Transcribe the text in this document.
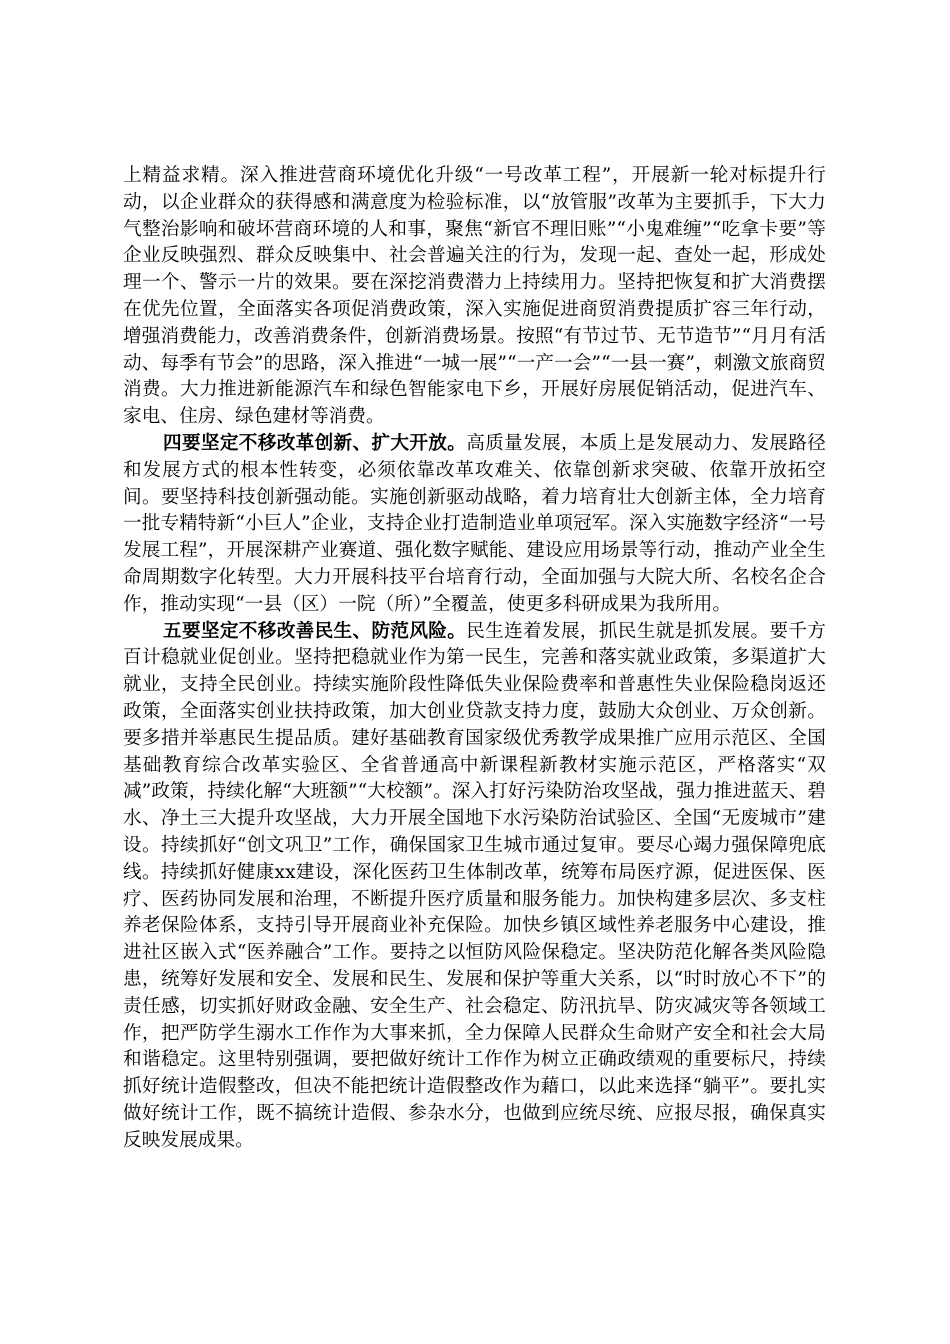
上精益求精。深入推进营商环境优化升级“一号改革工程”，开展新一轮对标提升行动，以企业群众的获得感和满意度为检验标准，以“放管服”改革为主要抓手，下大力气整治影响和破坏营商环境的人和事，聚焦“新官不理旧账”“小鬼难缠”“吃拿卡要”等企业反映强烈、群众反映集中、社会普遍关注的行为，发现一起、查处一起，形成处理一个、警示一片的效果。要在深挖消费潜力上持续用力。坚持把恢复和扩大消费摆在优先位置，全面落实各项促消费政策，深入实施促进商贸消费提质扩容三年行动，增强消费能力，改善消费条件，创新消费场景。按照“有节过节、无节造节”“月月有活动、每季有节会”的思路，深入推进“一城一展”“一产一会”“一县一赛”，刺激文旅商贸消费。大力推进新能源汽车和绿色智能家电下乡，开展好房展促销活动，促进汽车、家电、住房、绿色建材等消费。

四要坚定不移改革创新、扩大开放。高质量发展，本质上是发展动力、发展路径和发展方式的根本性转变，必须依靠改革攻难关、依靠创新求突破、依靠开放拓空间。要坚持科技创新强动能。实施创新驱动战略，着力培育壮大创新主体，全力培育一批专精特新“小巨人”企业，支持企业打造制造业单项冠军。深入实施数字经济“一号发展工程”，开展深耕产业赛道、强化数字赋能、建设应用场景等行动，推动产业全生命周期数字化转型。大力开展科技平台培育行动，全面加强与大院大所、名校名企合作，推动实现“一县（区）一院（所）”全覆盖，使更多科研成果为我所用。

五要坚定不移改善民生、防范风险。民生连着发展，抓民生就是抓发展。要千方百计稳就业促创业。坚持把稳就业作为第一民生，完善和落实就业政策，多渠道扩大就业，支持全民创业。持续实施阶段性降低失业保险费率和普惠性失业保险稳岗返还政策，全面落实创业扶持政策，加大创业贷款支持力度，鼓励大众创业、万众创新。要多措并举惠民生提品质。建好基础教育国家级优秀教学成果推广应用示范区、全国基础教育综合改革实验区、全省普通高中新课程新教材实施示范区，严格落实“双减”政策，持续化解“大班额”“大校额”。深入打好污染防治攻坚战，强力推进蓝天、碧水、净土三大提升攻坚战，大力开展全国地下水污染防治试验区、全国“无废城市”建设。持续抓好“创文巩卫”工作，确保国家卫生城市通过复审。要尽心竭力强保障兜底线。持续抓好健康xx建设，深化医药卫生体制改革，统筹布局医疗源，促进医保、医疗、医药协同发展和治理，不断提升医疗质量和服务能力。加快构建多层次、多支柱养老保险体系，支持引导开展商业补充保险。加快乡镇区域性养老服务中心建设，推进社区嵌入式“医养融合”工作。要持之以恒防风险保稳定。坚决防范化解各类风险隐患，统筹好发展和安全、发展和民生、发展和保护等重大关系，以“时时放心不下”的责任感，切实抓好财政金融、安全生产、社会稳定、防汛抗旱、防灾减灾等各领域工作，把严防学生溺水工作作为大事来抓，全力保障人民群众生命财产安全和社会大局和谐稳定。这里特别强调，要把做好统计工作作为树立正确政绩观的重要标尺，持续抓好统计造假整改，但决不能把统计造假整改作为藉口，以此来选择“躺平”。要扎实做好统计工作，既不搞统计造假、参杂水分，也做到应统尽统、应报尽报，确保真实反映发展成果。
